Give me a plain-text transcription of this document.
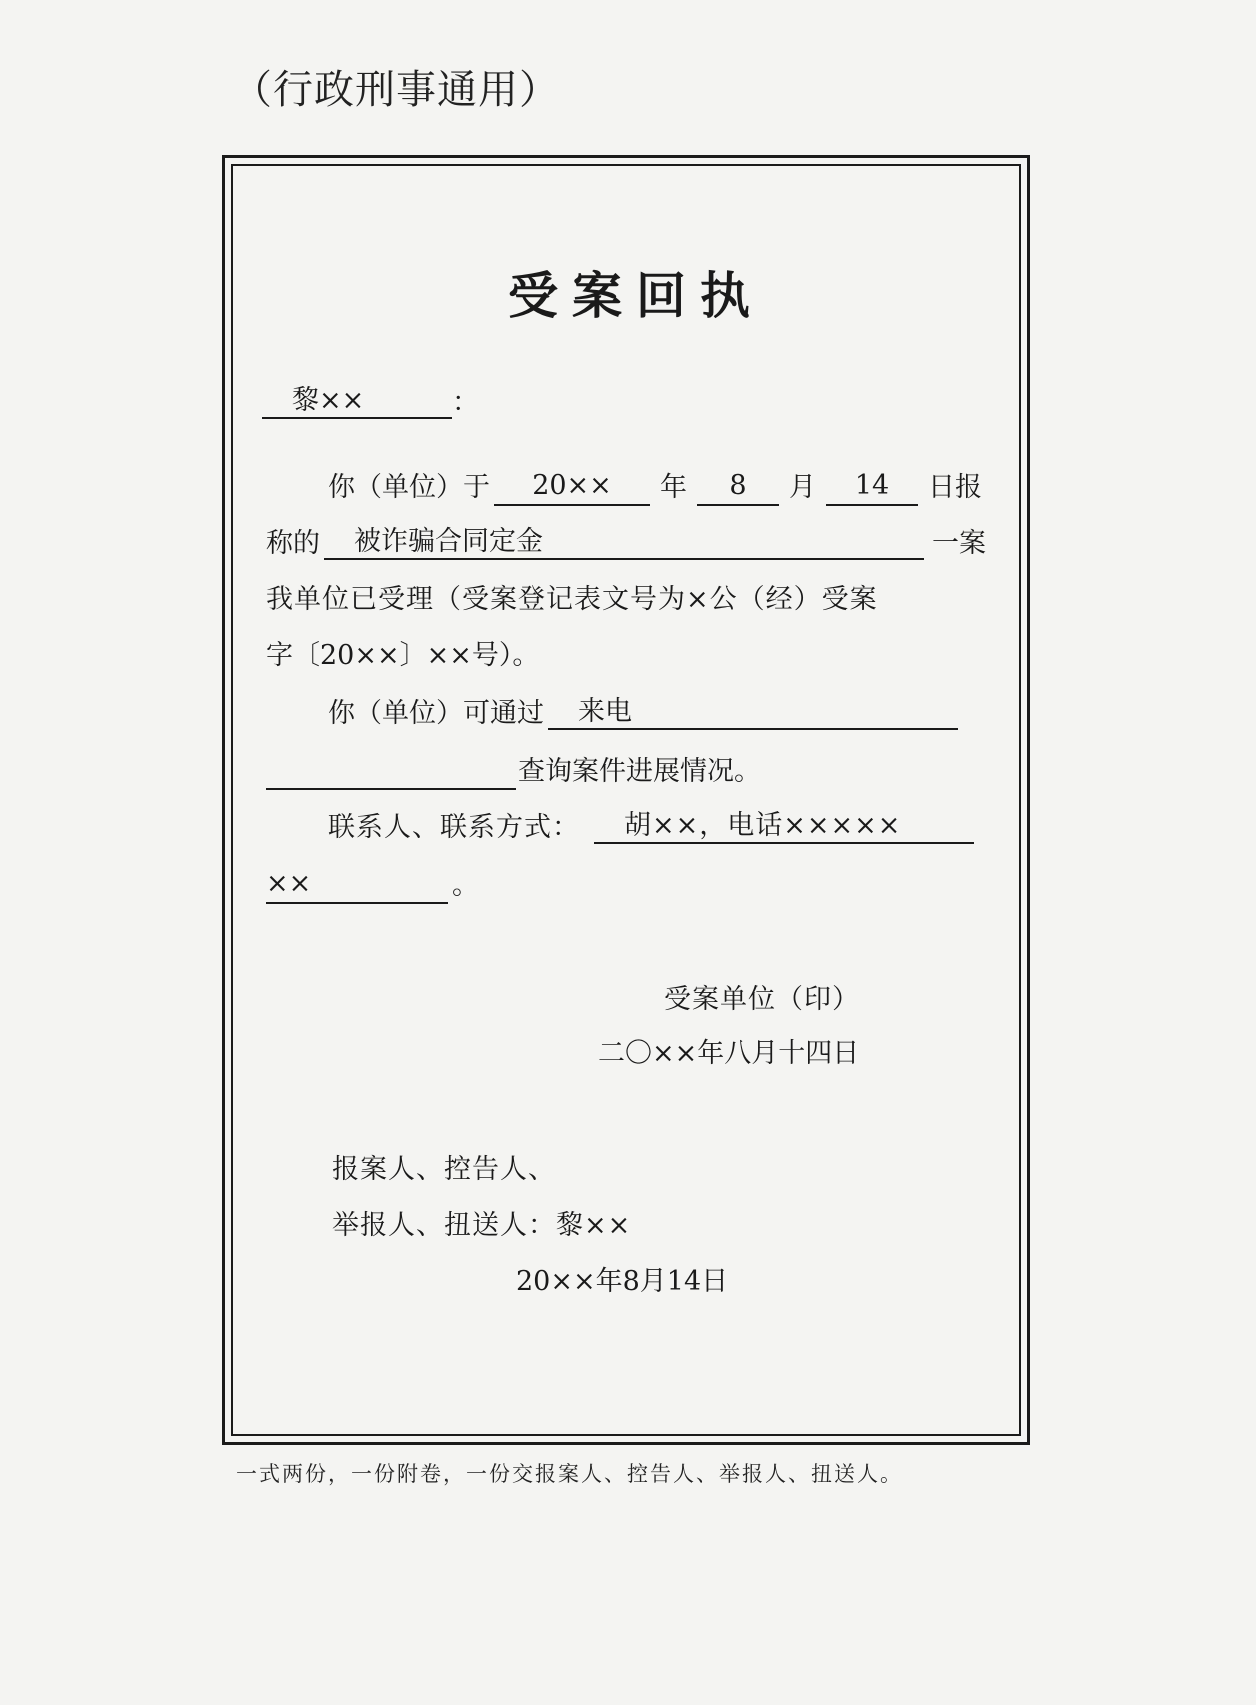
（行政刑事通用）
受案回执
黎××	：
你（单位）于 20×× 年 8 月 14 日报
称的 被诈骗合同定金	一案
我单位已受理（受案登记表文号为×公（经）受案
字〔20××〕××号）。
你（单位）可通过 来电
查询案件进展情况。
联系人、联系方式： 胡××，电话×××××
××	。
受案单位（印）
二〇××年八月十四日
报案人、控告人、
举报人、扭送人：黎××
20××年8月14日
一式两份，一份附卷，一份交报案人、控告人、举报人、扭送人。
